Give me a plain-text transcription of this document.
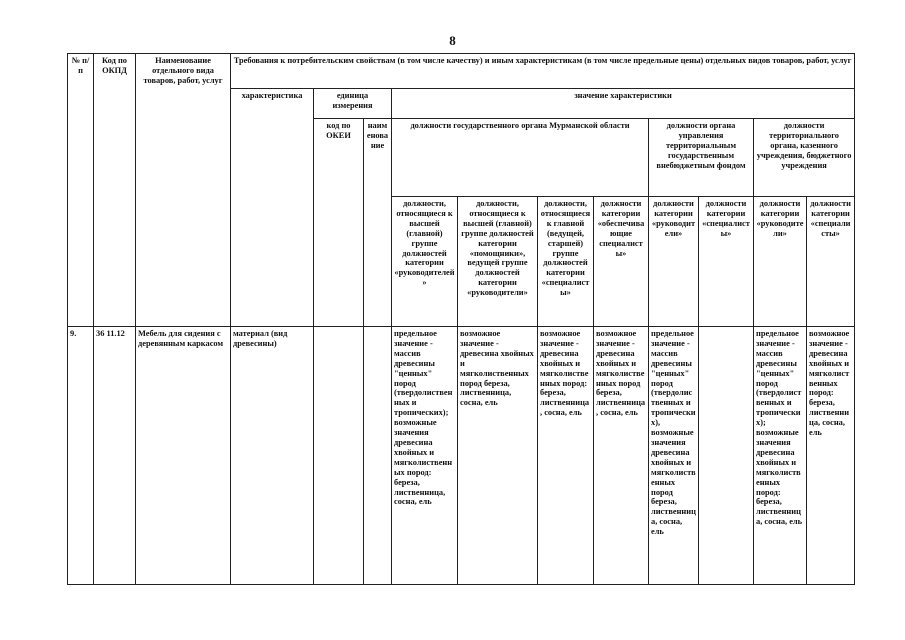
8
№ п/п	Код по ОКПД	Наименование отдельного вида товаров, работ, услуг	Требования к потребительским свойствам (в том числе качеству) и иным характеристикам (в том числе предельные цены) отдельных видов товаров, работ, услуг										
			характеристика	единица измерения		значение характеристики							
				код по ОКЕИ	наим енова ние	должности государственного органа Мурманской области				должности органа управления территориальным государственным внебюджетным фондом		должности территориального органа, казенного учреждения, бюджетного учреждения	
						должности, относящиеся к высшей (главной) группе должностей категории «руководителей»	должности, относящиеся к высшей (главной) группе должностей категории «помощники», ведущей группе должностей категории «руководители»	должности, относящиеся к главной (ведущей, старшей) группе должностей категории «специалисты»	должности категории «обеспечивающие специалисты»	должности категории «руководители»	должности категории «специалисты»	должности категории «руководители»	должности категории «специалисты»
9.	36 11.12	Мебель для сидения с деревянным каркасом	материал (вид древесины)			предельное значение - массив древесины "ценных" пород (твердолиственных и тропических); возможные значения древесина хвойных и мягколиственных пород: береза, лиственница, сосна, ель	возможное значение - древесина хвойных и мягколиственных пород береза, лиственница, сосна, ель	возможное значение - древесина хвойных и мягколиственных пород: береза, лиственница, сосна, ель	возможное значение - древесина хвойных и мягколиственных пород береза, лиственница, сосна, ель	предельное значение - массив древесины "ценных" пород (твердолиственных и тропических), возможные значения древесина хвойных и мягколиственных пород береза, лиственница, сосна, ель		предельное значение - массив древесины "ценных" пород (твердолиственных и тропических); возможные значения древесина хвойных и мягколиственных пород: береза, лиственница, сосна, ель	возможное значение - древесина хвойных и мягколиственных пород: береза, лиственница, сосна, ель
